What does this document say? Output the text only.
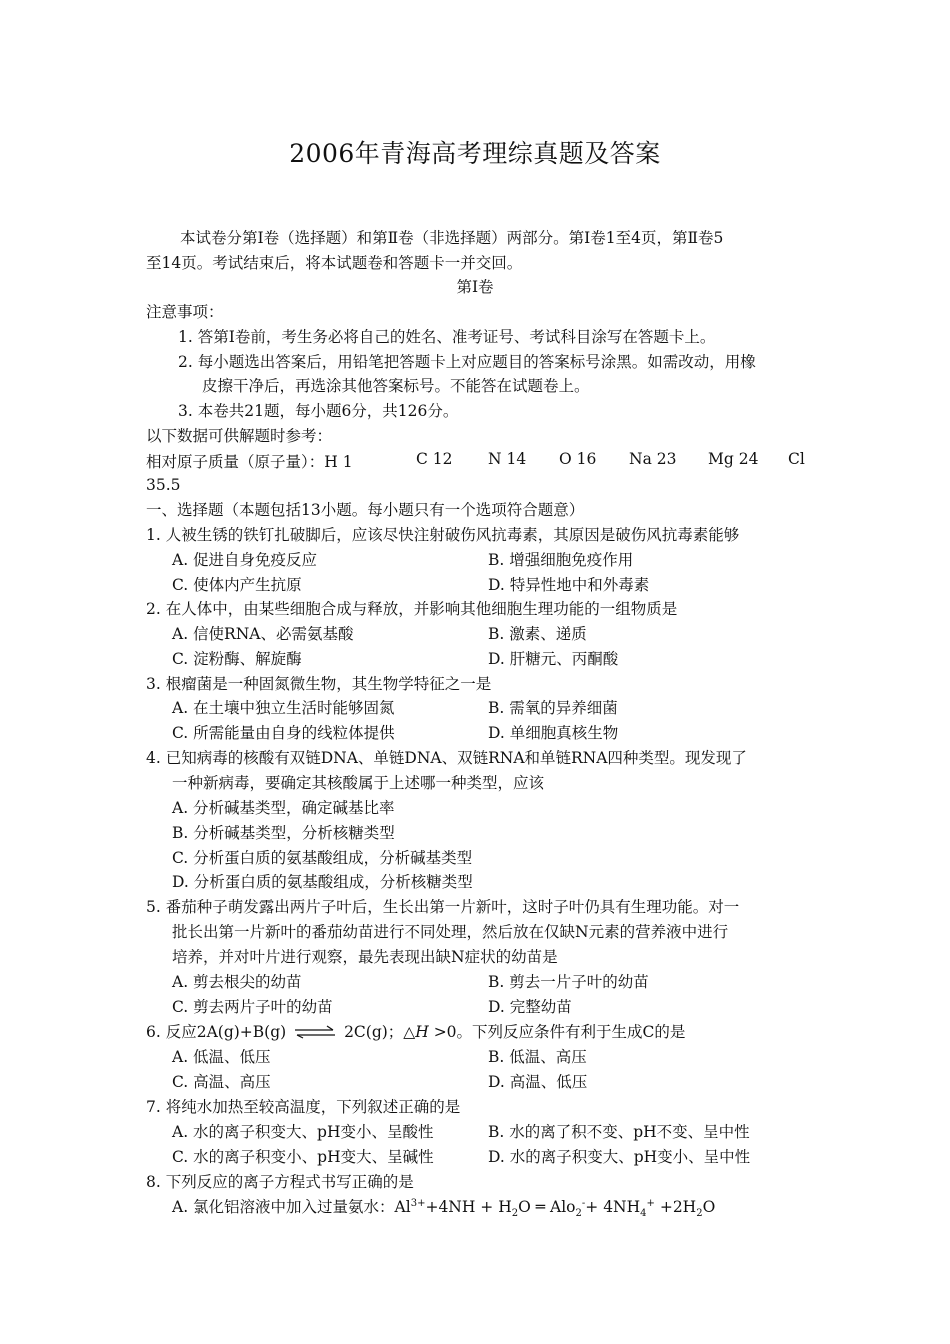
2006年青海高考理综真题及答案
本试卷分第Ⅰ卷（选择题）和第Ⅱ卷（非选择题）两部分。第Ⅰ卷1至4页，第Ⅱ卷5
至14页。考试结束后，将本试题卷和答题卡一并交回。
第Ⅰ卷
注意事项：
1. 答第Ⅰ卷前，考生务必将自己的姓名、准考证号、考试科目涂写在答题卡上。
2. 每小题选出答案后，用铅笔把答题卡上对应题目的答案标号涂黑。如需改动，用橡
皮擦干净后，再选涂其他答案标号。不能答在试题卷上。
3. 本卷共21题，每小题6分，共126分。
以下数据可供解题时参考：
相对原子质量（原子量）：H 1	C 12 N 14 O 16 Na 23 Mg 24 Cl
35.5
一、选择题（本题包括13小题。每小题只有一个选项符合题意）
1. 人被生锈的铁钉扎破脚后，应该尽快注射破伤风抗毒素，其原因是破伤风抗毒素能够
A. 促进自身免疫反应	B. 增强细胞免疫作用
C. 使体内产生抗原	D. 特异性地中和外毒素
2. 在人体中，由某些细胞合成与释放，并影响其他细胞生理功能的一组物质是
A. 信使RNA、必需氨基酸	B. 激素、递质
C. 淀粉酶、解旋酶	D. 肝糖元、丙酮酸
3. 根瘤菌是一种固氮微生物，其生物学特征之一是
A. 在土壤中独立生活时能够固氮	B. 需氧的异养细菌
C. 所需能量由自身的线粒体提供	D. 单细胞真核生物
4. 已知病毒的核酸有双链DNA、单链DNA、双链RNA和单链RNA四种类型。现发现了
一种新病毒，要确定其核酸属于上述哪一种类型，应该
A. 分析碱基类型，确定碱基比率
B. 分析碱基类型，分析核糖类型
C. 分析蛋白质的氨基酸组成，分析碱基类型
D. 分析蛋白质的氨基酸组成，分析核糖类型
5. 番茄种子萌发露出两片子叶后，生长出第一片新叶，这时子叶仍具有生理功能。对一
批长出第一片新叶的番茄幼苗进行不同处理，然后放在仅缺N元素的营养液中进行
培养，并对叶片进行观察，最先表现出缺N症状的幼苗是
A. 剪去根尖的幼苗	B. 剪去一片子叶的幼苗
C. 剪去两片子叶的幼苗	D. 完整幼苗
6. 反应2A(g)+B(g) ⇌ 2C(g)；△H >0。下列反应条件有利于生成C的是
A. 低温、低压	B. 低温、高压
C. 高温、高压	D. 高温、低压
7. 将纯水加热至较高温度，下列叙述正确的是
A. 水的离子积变大、pH变小、呈酸性	B. 水的离了积不变、pH不变、呈中性
C. 水的离子积变小、pH变大、呈碱性	D. 水的离子积变大、pH变小、呈中性
8. 下列反应的离子方程式书写正确的是
A. 氯化铝溶液中加入过量氨水：$Al^{3+}+4NH + H_2O$ ═ $Alo_2^-+ 4NH_4^+ +2H_2O$
